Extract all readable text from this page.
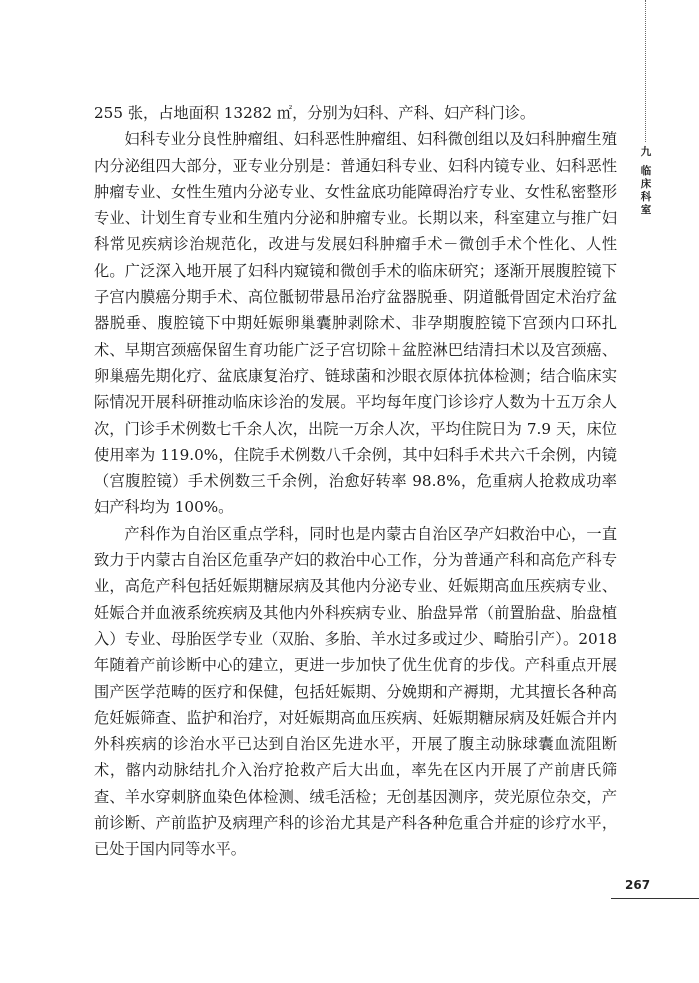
九
临床科室

255 张，占地面积 13282 ㎡，分别为妇科、产科、妇产科门诊。

妇科专业分良性肿瘤组、妇科恶性肿瘤组、妇科微创组以及妇科肿瘤生殖内分泌组四大部分，亚专业分别是：普通妇科专业、妇科内镜专业、妇科恶性肿瘤专业、女性生殖内分泌专业、女性盆底功能障碍治疗专业、女性私密整形专业、计划生育专业和生殖内分泌和肿瘤专业。长期以来，科室建立与推广妇科常见疾病诊治规范化，改进与发展妇科肿瘤手术－微创手术个性化、人性化。广泛深入地开展了妇科内窥镜和微创手术的临床研究；逐渐开展腹腔镜下子宫内膜癌分期手术、高位骶韧带悬吊治疗盆器脱垂、阴道骶骨固定术治疗盆器脱垂、腹腔镜下中期妊娠卵巢囊肿剥除术、非孕期腹腔镜下宫颈内口环扎术、早期宫颈癌保留生育功能广泛子宫切除＋盆腔淋巴结清扫术以及宫颈癌、卵巢癌先期化疗、盆底康复治疗、链球菌和沙眼衣原体抗体检测；结合临床实际情况开展科研推动临床诊治的发展。平均每年度门诊诊疗人数为十五万余人次，门诊手术例数七千余人次，出院一万余人次，平均住院日为 7.9 天，床位使用率为 119.0%，住院手术例数八千余例，其中妇科手术共六千余例，内镜（宫腹腔镜）手术例数三千余例，治愈好转率 98.8%，危重病人抢救成功率妇产科均为 100%。

产科作为自治区重点学科，同时也是内蒙古自治区孕产妇救治中心，一直致力于内蒙古自治区危重孕产妇的救治中心工作，分为普通产科和高危产科专业，高危产科包括妊娠期糖尿病及其他内分泌专业、妊娠期高血压疾病专业、妊娠合并血液系统疾病及其他内外科疾病专业、胎盘异常（前置胎盘、胎盘植入）专业、母胎医学专业（双胎、多胎、羊水过多或过少、畸胎引产）。2018 年随着产前诊断中心的建立，更进一步加快了优生优育的步伐。产科重点开展围产医学范畴的医疗和保健，包括妊娠期、分娩期和产褥期，尤其擅长各种高危妊娠筛查、监护和治疗，对妊娠期高血压疾病、妊娠期糖尿病及妊娠合并内外科疾病的诊治水平已达到自治区先进水平，开展了腹主动脉球囊血流阻断术，髂内动脉结扎介入治疗抢救产后大出血，率先在区内开展了产前唐氏筛查、羊水穿刺脐血染色体检测、绒毛活检；无创基因测序，荧光原位杂交，产前诊断、产前监护及病理产科的诊治尤其是产科各种危重合并症的诊疗水平，已处于国内同等水平。

267
